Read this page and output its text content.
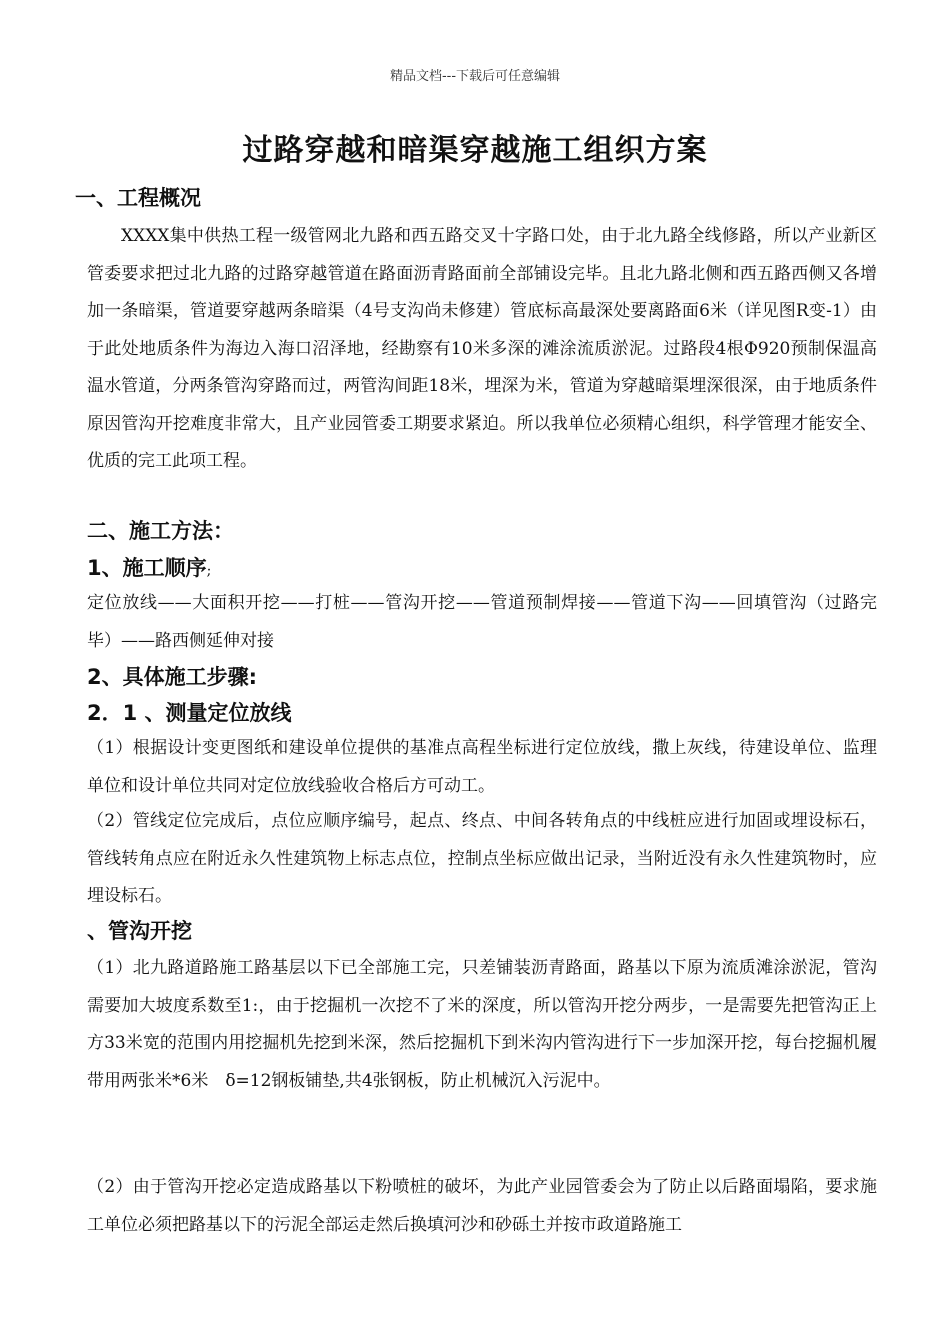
精品文档---下载后可任意编辑
过路穿越和暗渠穿越施工组织方案
一、工程概况
XXXX集中供热工程一级管网北九路和西五路交叉十字路口处，由于北九路全线修路，所以产业新区管委要求把过北九路的过路穿越管道在路面沥青路面前全部铺设完毕。且北九路北侧和西五路西侧又各增加一条暗渠，管道要穿越两条暗渠（4号支沟尚未修建）管底标高最深处要离路面6米（详见图R变-1）由于此处地质条件为海边入海口沼泽地，经勘察有10米多深的滩涂流质淤泥。过路段4根Φ920预制保温高温水管道，分两条管沟穿路而过，两管沟间距18米，埋深为米，管道为穿越暗渠埋深很深，由于地质条件原因管沟开挖难度非常大，且产业园管委工期要求紧迫。所以我单位必须精心组织，科学管理才能安全、优质的完工此项工程。
二、施工方法：
1、施工顺序;
定位放线——大面积开挖——打桩——管沟开挖——管道预制焊接——管道下沟——回填管沟（过路完毕）——路西侧延伸对接
2、具体施工步骤:
2．1 、测量定位放线
（1）根据设计变更图纸和建设单位提供的基准点高程坐标进行定位放线，撒上灰线，待建设单位、监理单位和设计单位共同对定位放线验收合格后方可动工。
（2）管线定位完成后，点位应顺序编号，起点、终点、中间各转角点的中线桩应进行加固或埋设标石，管线转角点应在附近永久性建筑物上标志点位，控制点坐标应做出记录，当附近没有永久性建筑物时，应埋设标石。
、管沟开挖
（1）北九路道路施工路基层以下已全部施工完，只差铺装沥青路面，路基以下原为流质滩涂淤泥，管沟需要加大坡度系数至1:，由于挖掘机一次挖不了米的深度，所以管沟开挖分两步，一是需要先把管沟正上方33米宽的范围内用挖掘机先挖到米深，然后挖掘机下到米沟内管沟进行下一步加深开挖，每台挖掘机履带用两张米*6米　δ=12钢板铺垫,共4张钢板，防止机械沉入污泥中。
（2）由于管沟开挖必定造成路基以下粉喷桩的破坏，为此产业园管委会为了防止以后路面塌陷，要求施工单位必须把路基以下的污泥全部运走然后换填河沙和砂砾土并按市政道路施工
